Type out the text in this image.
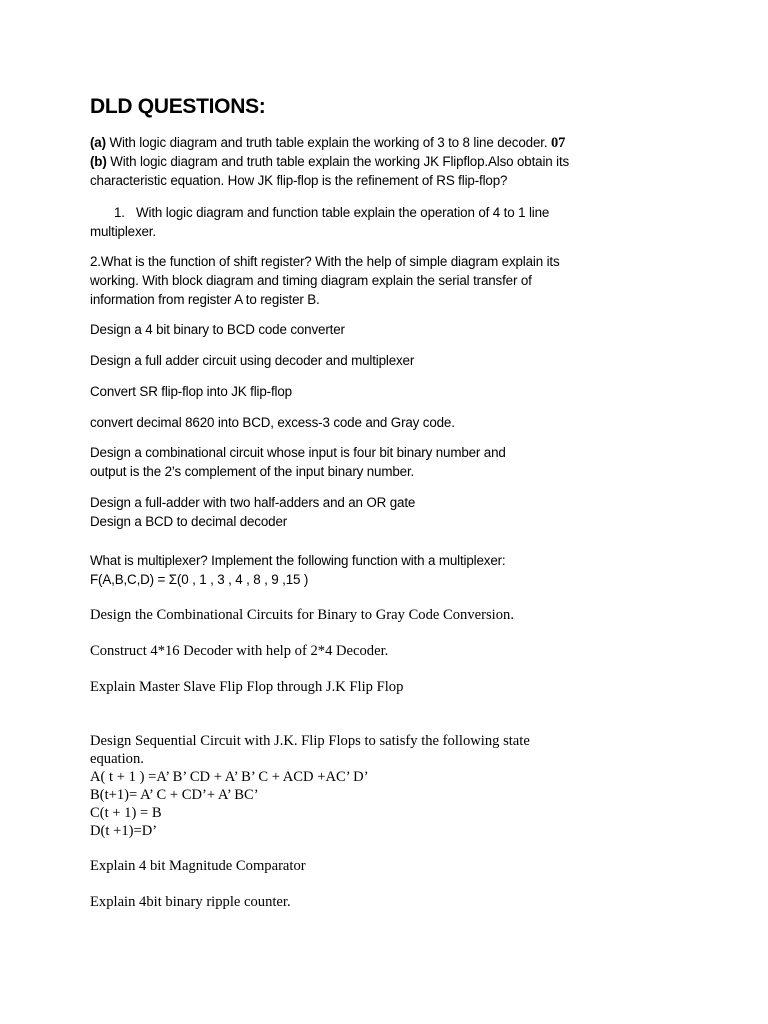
DLD QUESTIONS:
(a) With logic diagram and truth table explain the working of 3 to 8 line decoder. 07
(b) With logic diagram and truth table explain the working JK Flipflop.Also obtain its
characteristic equation. How JK flip-flop is the refinement of RS flip-flop?
1. With logic diagram and function table explain the operation of 4 to 1 line
multiplexer.
2.What is the function of shift register? With the help of simple diagram explain its
working. With block diagram and timing diagram explain the serial transfer of
information from register A to register B.
Design a 4 bit binary to BCD code converter
Design a full adder circuit using decoder and multiplexer
Convert SR flip-flop into JK flip-flop
convert decimal 8620 into BCD, excess-3 code and Gray code.
Design a combinational circuit whose input is four bit binary number and
output is the 2’s complement of the input binary number.
Design a full-adder with two half-adders and an OR gate
Design a BCD to decimal decoder
What is multiplexer? Implement the following function with a multiplexer:
F(A,B,C,D) = Σ(0 , 1 , 3 , 4 , 8 , 9 ,15 )
Design the Combinational Circuits for Binary to Gray Code Conversion.
Construct 4*16 Decoder with help of 2*4 Decoder.
Explain Master Slave Flip Flop through J.K Flip Flop
Design Sequential Circuit with J.K. Flip Flops to satisfy the following state
equation.
A( t + 1 ) =A’ B’ CD + A’ B’ C + ACD +AC’ D’
B(t+1)= A’ C + CD’+ A’ BC’
C(t + 1) = B
D(t +1)=D’
Explain 4 bit Magnitude Comparator
Explain 4bit binary ripple counter.
